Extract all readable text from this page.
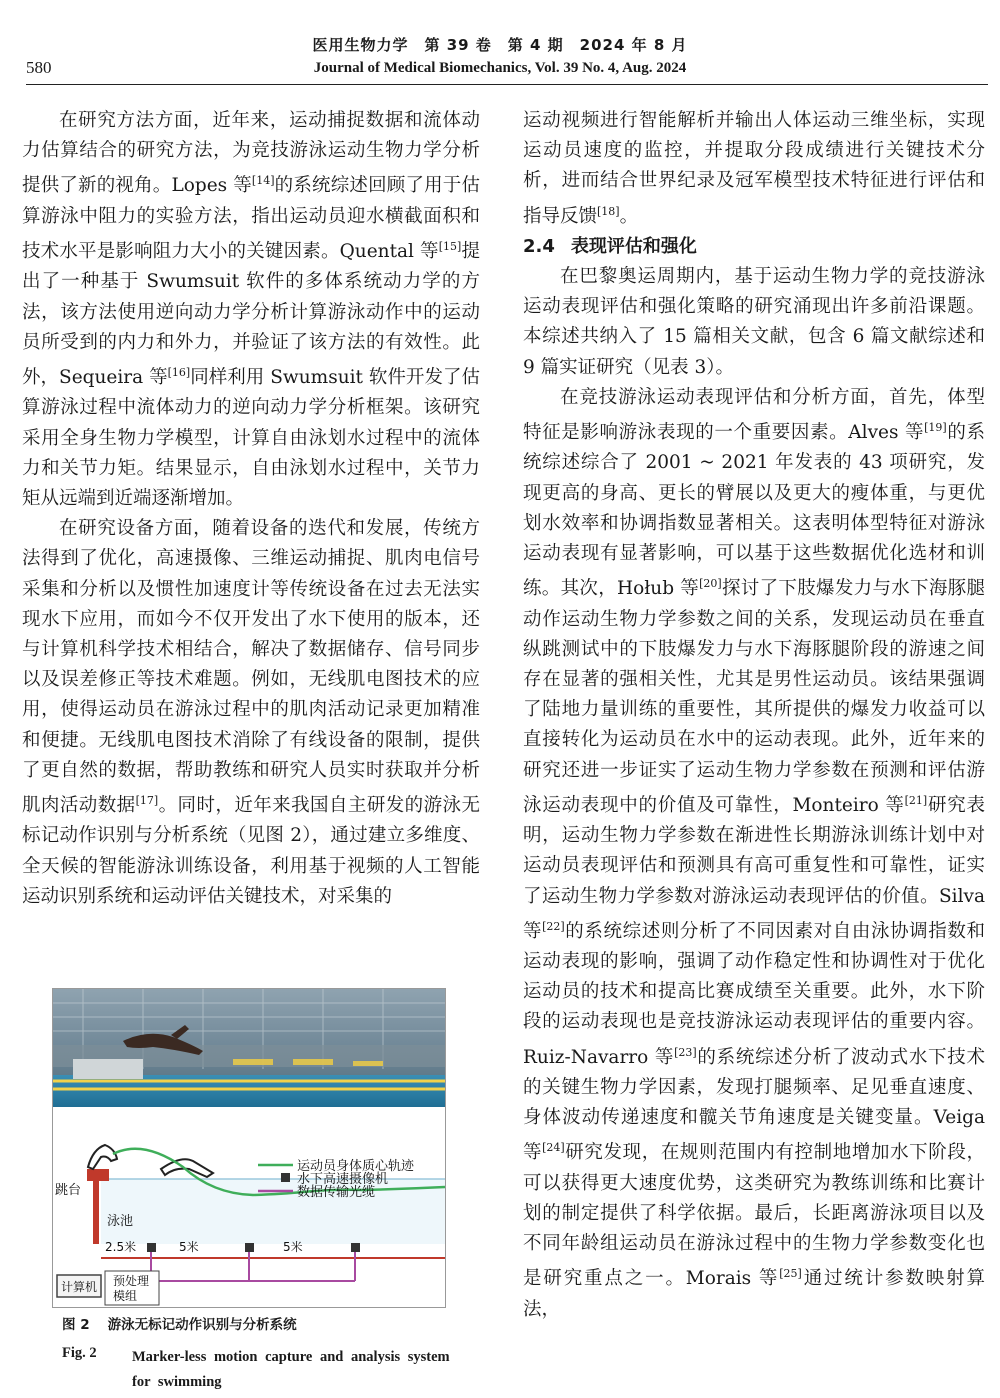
医用生物力学　第 39 卷　第 4 期　2024 年 8 月
580	Journal of Medical Biomechanics, Vol. 39 No. 4, Aug. 2024

在研究方法方面，近年来，运动捕捉数据和流体动力估算结合的研究方法，为竞技游泳运动生物力学分析提供了新的视角。Lopes 等[14]的系统综述回顾了用于估算游泳中阻力的实验方法，指出运动员迎水横截面积和技术水平是影响阻力大小的关键因素。Quental 等[15]提出了一种基于 Swumsuit 软件的多体系统动力学的方法，该方法使用逆向动力学分析计算游泳动作中的运动员所受到的内力和外力，并验证了该方法的有效性。此外，Sequeira 等[16]同样利用 Swumsuit 软件开发了估算游泳过程中流体动力的逆向动力学分析框架。该研究采用全身生物力学模型，计算自由泳划水过程中的流体力和关节力矩。结果显示，自由泳划水过程中，关节力矩从远端到近端逐渐增加。

在研究设备方面，随着设备的迭代和发展，传统方法得到了优化，高速摄像、三维运动捕捉、肌肉电信号采集和分析以及惯性加速度计等传统设备在过去无法实现水下应用，而如今不仅开发出了水下使用的版本，还与计算机科学技术相结合，解决了数据储存、信号同步以及误差修正等技术难题。例如，无线肌电图技术的应用，使得运动员在游泳过程中的肌肉活动记录更加精准和便捷。无线肌电图技术消除了有线设备的限制，提供了更自然的数据，帮助教练和研究人员实时获取并分析肌肉活动数据[17]。同时，近年来我国自主研发的游泳无标记动作识别与分析系统（见图 2），通过建立多维度、全天候的智能游泳训练设备，利用基于视频的人工智能运动识别系统和运动评估关键技术，对采集的

运动员身体质心轨迹
水下高速摄像机
数据传输光缆
跳台
泳池
2.5米	5米	5米
计算机 预处理
模组

图 2 游泳无标记动作识别与分析系统

Fig. 2	Marker-less motion capture and analysis system for swimming

运动视频进行智能解析并输出人体运动三维坐标，实现运动员速度的监控，并提取分段成绩进行关键技术分析，进而结合世界纪录及冠军模型技术特征进行评估和指导反馈[18]。

2.4 表现评估和强化

在巴黎奥运周期内，基于运动生物力学的竞技游泳运动表现评估和强化策略的研究涌现出许多前沿课题。本综述共纳入了 15 篇相关文献，包含 6 篇文献综述和 9 篇实证研究（见表 3）。

在竞技游泳运动表现评估和分析方面，首先，体型特征是影响游泳表现的一个重要因素。Alves 等[19]的系统综述综合了 2001 ~ 2021 年发表的 43 项研究，发现更高的身高、更长的臂展以及更大的瘦体重，与更优划水效率和协调指数显著相关。这表明体型特征对游泳运动表现有显著影响，可以基于这些数据优化选材和训练。其次，Hołub 等[20]探讨了下肢爆发力与水下海豚腿动作运动生物力学参数之间的关系，发现运动员在垂直纵跳测试中的下肢爆发力与水下海豚腿阶段的游速之间存在显著的强相关性，尤其是男性运动员。该结果强调了陆地力量训练的重要性，其所提供的爆发力收益可以直接转化为运动员在水中的运动表现。此外，近年来的研究还进一步证实了运动生物力学参数在预测和评估游泳运动表现中的价值及可靠性，Monteiro 等[21]研究表明，运动生物力学参数在渐进性长期游泳训练计划中对运动员表现评估和预测具有高可重复性和可靠性，证实了运动生物力学参数对游泳运动表现评估的价值。Silva 等[22]的系统综述则分析了不同因素对自由泳协调指数和运动表现的影响，强调了动作稳定性和协调性对于优化运动员的技术和提高比赛成绩至关重要。此外，水下阶段的运动表现也是竞技游泳运动表现评估的重要内容。Ruiz-Navarro 等[23]的系统综述分析了波动式水下技术的关键生物力学因素，发现打腿频率、足见垂直速度、身体波动传递速度和髋关节角速度是关键变量。Veiga 等[24]研究发现，在规则范围内有控制地增加水下阶段，可以获得更大速度优势，这类研究为教练训练和比赛计划的制定提供了科学依据。最后，长距离游泳项目以及不同年龄组运动员在游泳过程中的生物力学参数变化也是研究重点之一。Morais 等[25]通过统计参数映射算法，
